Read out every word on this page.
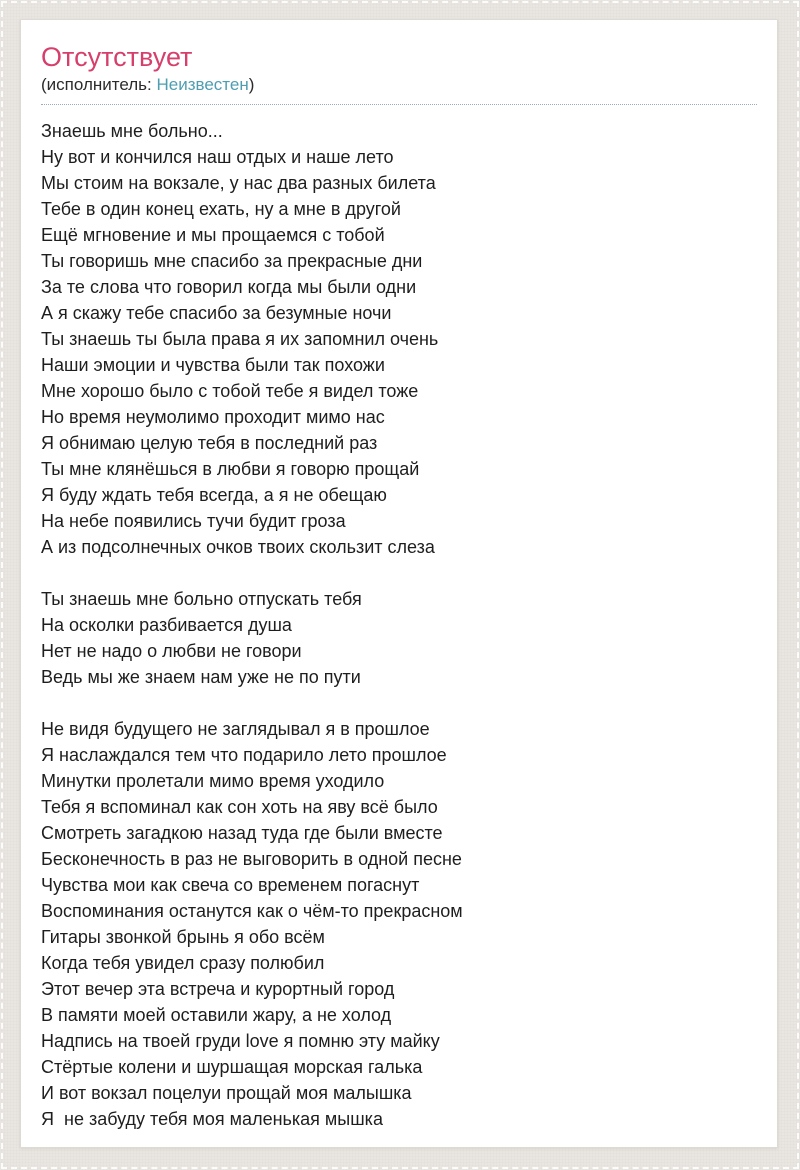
Отсутствует
(исполнитель: Неизвестен)
Знаешь мне больно...
Ну вот и кончился наш отдых и наше лето
Мы стоим на вокзале, у нас два разных билета
Тебе в один конец ехать, ну а мне в другой
Ещё мгновение и мы прощаемся с тобой
Ты говоришь мне спасибо за прекрасные дни
За те слова что говорил когда мы были одни
А я скажу тебе спасибо за безумные ночи
Ты знаешь ты была права я их запомнил очень
Наши эмоции и чувства были так похожи
Мне хорошо было с тобой тебе я видел тоже
Но время неумолимо проходит мимо нас
Я обнимаю целую тебя в последний раз
Ты мне клянёшься в любви я говорю прощай
Я буду ждать тебя всегда, а я не обещаю
На небе появились тучи будит гроза
А из подсолнечных очков твоих скользит слеза
Ты знаешь мне больно отпускать тебя
На осколки разбивается душа
Нет не надо о любви не говори
Ведь мы же знаем нам уже не по пути
Не видя будущего не заглядывал я в прошлое
Я наслаждался тем что подарило лето прошлое
Минутки пролетали мимо время уходило
Тебя я вспоминал как сон хоть на яву всё было
Смотреть загадкою назад туда где были вместе
Бесконечность в раз не выговорить в одной песне
Чувства мои как свеча со временем погаснут
Воспоминания останутся как о чём-то прекрасном
Гитары звонкой брынь я обо всём
Когда тебя увидел сразу полюбил
Этот вечер эта встреча и курортный город
В памяти моей оставили жару, а не холод
Надпись на твоей груди love я помню эту майку
Стёртые колени и шуршащая морская галька
И вот вокзал поцелуи прощай моя малышка
Я  не забуду тебя моя маленькая мышка
